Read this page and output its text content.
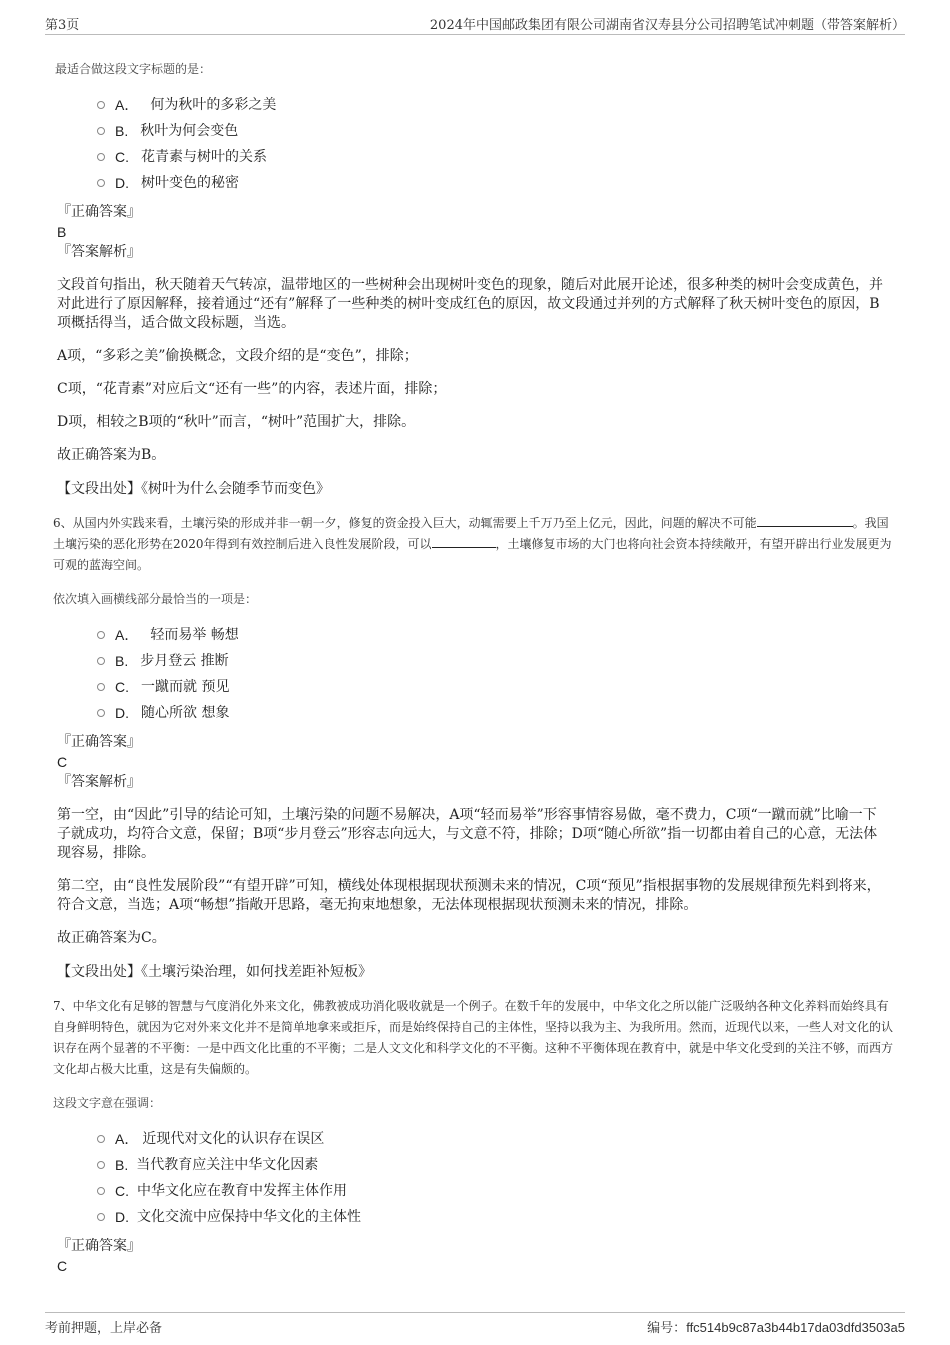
第3页	2024年中国邮政集团有限公司湖南省汉寿县分公司招聘笔试冲刺题（带答案解析）
最适合做这段文字标题的是：
A． 何为秋叶的多彩之美
B. 秋叶为何会变色
C. 花青素与树叶的关系
D. 树叶变色的秘密
『正确答案』
B
『答案解析』
文段首句指出，秋天随着天气转凉，温带地区的一些树种会出现树叶变色的现象，随后对此展开论述，很多种类的树叶会变成黄色，并对此进行了原因解释，接着通过“还有”解释了一些种类的树叶变成红色的原因，故文段通过并列的方式解释了秋天树叶变色的原因，B项概括得当，适合做文段标题，当选。
A项，“多彩之美”偷换概念，文段介绍的是“变色”，排除；
C项，“花青素”对应后文“还有一些”的内容，表述片面，排除；
D项，相较之B项的“秋叶”而言，“树叶”范围扩大，排除。
故正确答案为B。
【文段出处】《树叶为什么会随季节而变色》
6、从国内外实践来看，土壤污染的形成并非一朝一夕，修复的资金投入巨大，动辄需要上千万乃至上亿元，因此，问题的解决不可能	。我国土壤污染的恶化形势在2020年得到有效控制后进入良性发展阶段，可以	，土壤修复市场的大门也将向社会资本持续敞开，有望开辟出行业发展更为可观的蓝海空间。
依次填入画横线部分最恰当的一项是：
A． 轻而易举 畅想
B. 步月登云 推断
C. 一蹴而就 预见
D. 随心所欲 想象
『正确答案』
C
『答案解析』
第一空，由“因此”引导的结论可知，土壤污染的问题不易解决，A项“轻而易举”形容事情容易做，毫不费力，C项“一蹴而就”比喻一下子就成功，均符合文意，保留；B项“步月登云”形容志向远大，与文意不符，排除；D项“随心所欲”指一切都由着自己的心意，无法体现容易，排除。
第二空，由“良性发展阶段”“有望开辟”可知，横线处体现根据现状预测未来的情况，C项“预见”指根据事物的发展规律预先料到将来，符合文意，当选；A项“畅想”指敞开思路，毫无拘束地想象，无法体现根据现状预测未来的情况，排除。
故正确答案为C。
【文段出处】《土壤污染治理，如何找差距补短板》
7、中华文化有足够的智慧与气度消化外来文化，佛教被成功消化吸收就是一个例子。在数千年的发展中，中华文化之所以能广泛吸纳各种文化养料而始终具有自身鲜明特色，就因为它对外来文化并不是简单地拿来或拒斥，而是始终保持自己的主体性，坚持以我为主、为我所用。然而，近现代以来，一些人对文化的认识存在两个显著的不平衡：一是中西文化比重的不平衡；二是人文文化和科学文化的不平衡。这种不平衡体现在教育中，就是中华文化受到的关注不够，而西方文化却占极大比重，这是有失偏颇的。
这段文字意在强调：
A． 近现代对文化的认识存在误区
B. 当代教育应关注中华文化因素
C. 中华文化应在教育中发挥主体作用
D. 文化交流中应保持中华文化的主体性
『正确答案』
C
考前押题，上岸必备	编号：ffc514b9c87a3b44b17da03dfd3503a5
